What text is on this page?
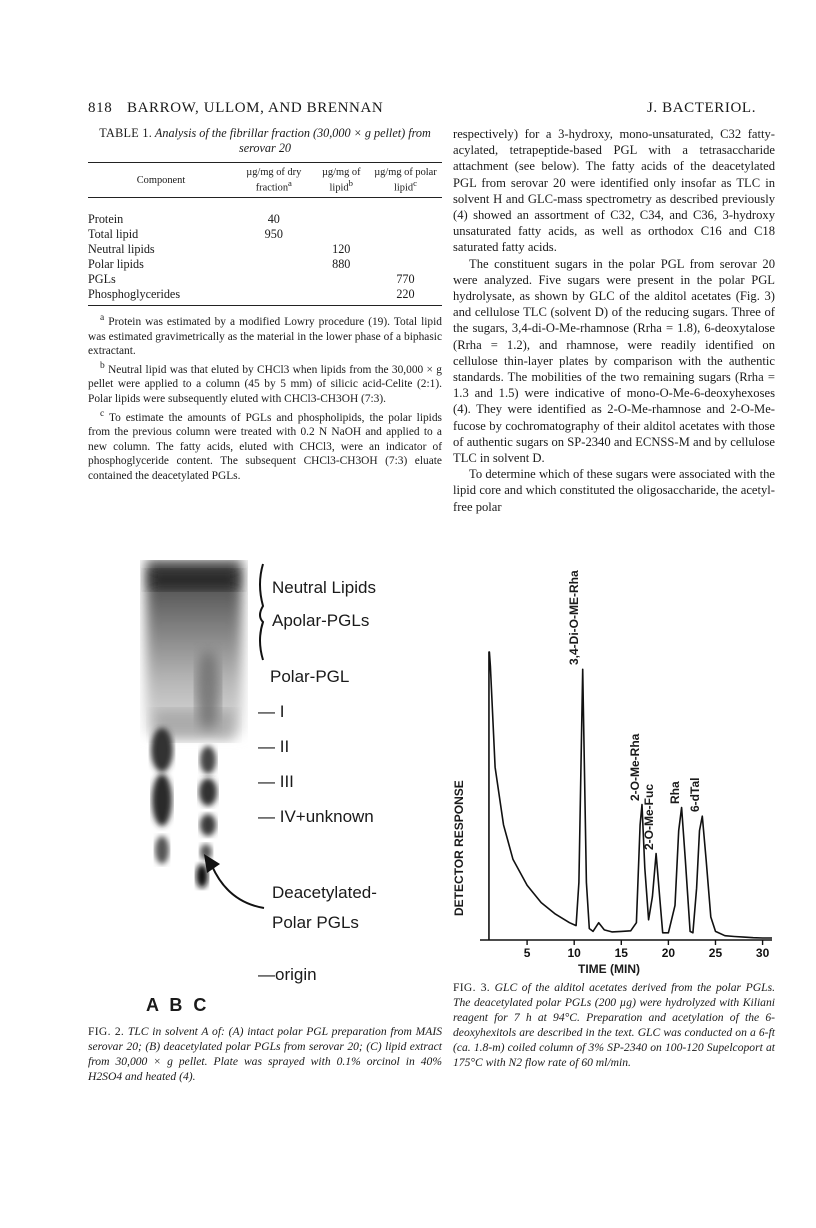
818 BARROW, ULLOM, AND BRENNAN	J. BACTERIOL.
TABLE 1. Analysis of the fibrillar fraction (30,000 × g pellet) from serovar 20
Component	µg/mg of dry fraction$^a$	µg/mg of lipid$^b$	µg/mg of polar lipid$^c$

Protein	40		
Total lipid	950		
Neutral lipids		120	
Polar lipids		880	
PGLs			770
Phosphoglycerides			220

$^a$ Protein was estimated by a modified Lowry procedure (19). Total lipid was estimated gravimetrically as the material in the lower phase of a biphasic extractant.

$^b$ Neutral lipid was that eluted by CHCl3 when lipids from the 30,000 × g pellet were applied to a column (45 by 5 mm) of silicic acid-Celite (2:1). Polar lipids were subsequently eluted with CHCl3-CH3OH (7:3).

$^c$ To estimate the amounts of PGLs and phospholipids, the polar lipids from the previous column were treated with 0.2 N NaOH and applied to a new column. The fatty acids, eluted with CHCl3, were an indicator of phosphoglyceride content. The subsequent CHCl3-CH3OH (7:3) eluate contained the deacetylated PGLs.

respectively) for a 3-hydroxy, mono-unsaturated, C32 fatty-acylated, tetrapeptide-based PGL with a tetrasaccharide attachment (see below). The fatty acids of the deacetylated PGL from serovar 20 were identified only insofar as TLC in solvent H and GLC-mass spectrometry as described previously (4) showed an assortment of C32, C34, and C36, 3-hydroxy unsaturated fatty acids, as well as orthodox C16 and C18 saturated fatty acids.

The constituent sugars in the polar PGL from serovar 20 were analyzed. Five sugars were present in the polar PGL hydrolysate, as shown by GLC of the alditol acetates (Fig. 3) and cellulose TLC (solvent D) of the reducing sugars. Three of the sugars, 3,4-di-O-Me-rhamnose (Rrha = 1.8), 6-deoxytalose (Rrha = 1.2), and rhamnose, were readily identified on cellulose thin-layer plates by comparison with the authentic standards. The mobilities of the two remaining sugars (Rrha = 1.3 and 1.5) were indicative of mono-O-Me-6-deoxyhexoses (4). They were identified as 2-O-Me-rhamnose and 2-O-Me-fucose by cochromatography of their alditol acetates with those of authentic sugars on SP-2340 and ECNSS-M and by cellulose TLC in solvent D.

To determine which of these sugars were associated with the lipid core and which constituted the oligosaccharide, the acetyl-free polar

Neutral Lipids
Apolar-PGLs
Polar-PGL
— I
— II
— III
— IV+unknown
Deacetylated-
Polar PGLs
—origin
A B C
FIG. 2. TLC in solvent A of: (A) intact polar PGL preparation from MAIS serovar 20; (B) deacetylated polar PGLs from serovar 20; (C) lipid extract from 30,000 × g pellet. Plate was sprayed with 0.1% orcinol in 40% H2SO4 and heated (4).
DETECTOR RESPONSE
5	10	15	20	25	30
3,4-Di-O-ME-Rha
2-O-Me-Rha
2-O-Me-Fuc Rha 6-dTal
TIME (MIN)
FIG. 3. GLC of the alditol acetates derived from the polar PGLs. The deacetylated polar PGLs (200 µg) were hydrolyzed with Kiliani reagent for 7 h at 94°C. Preparation and acetylation of the 6-deoxyhexitols are described in the text. GLC was conducted on a 6-ft (ca. 1.8-m) coiled column of 3% SP-2340 on 100-120 Supelcoport at 175°C with N2 flow rate of 60 ml/min.
